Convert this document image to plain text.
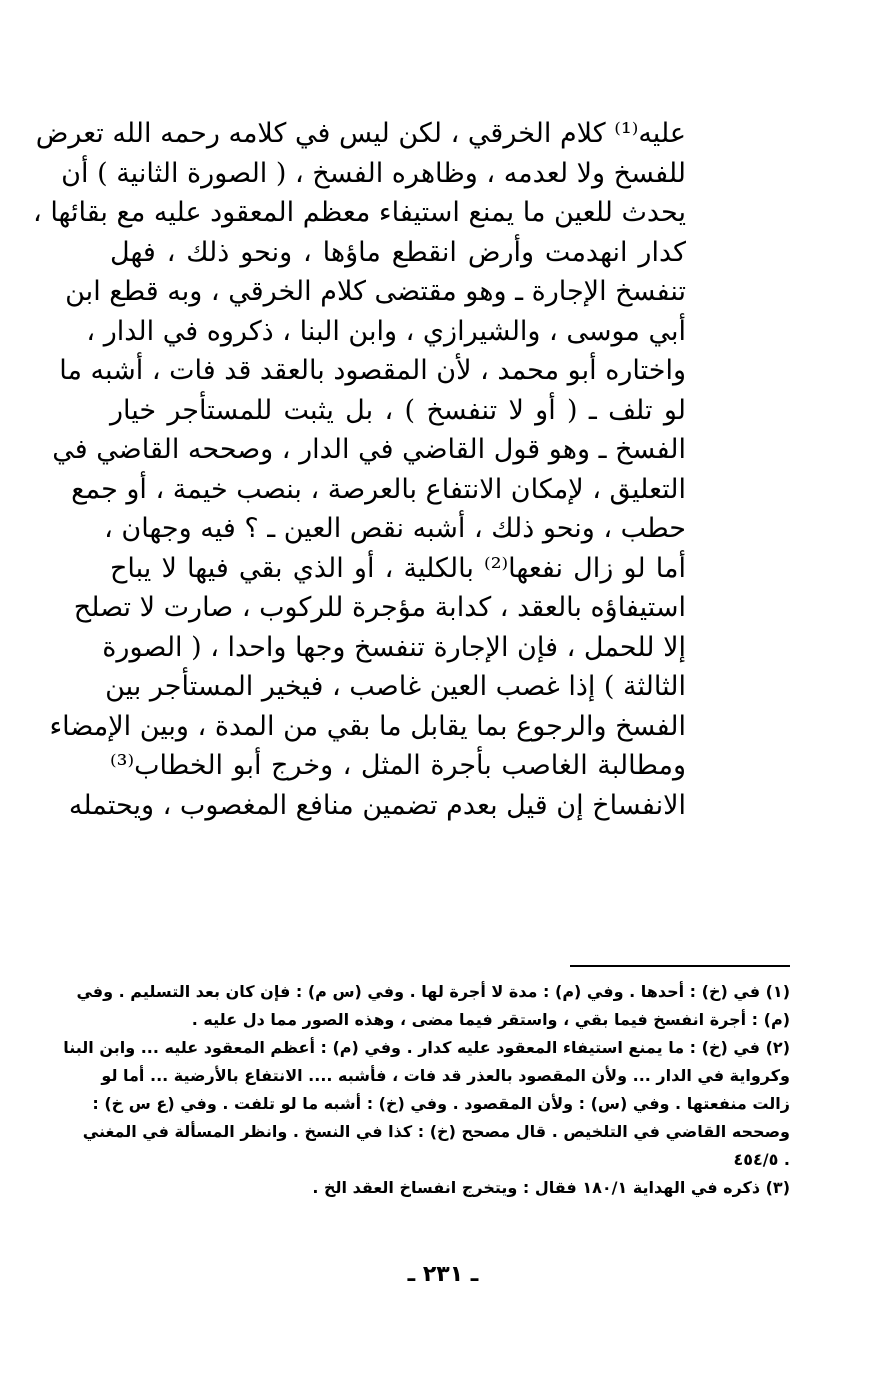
عليه⁽¹⁾ كلام الخرقي ، لكن ليس في كلامه رحمه الله تعرض
للفسخ ولا لعدمه ، وظاهره الفسخ ، ( الصورة الثانية ) أن
يحدث للعين ما يمنع استيفاء معظم المعقود عليه مع بقائها ،
كدار انهدمت وأرض انقطع ماؤها ، ونحو ذلك ، فهل
تنفسخ الإجارة ـ وهو مقتضى كلام الخرقي ، وبه قطع ابن
أبي موسى ، والشيرازي ، وابن البنا ، ذكروه في الدار ،
واختاره أبو محمد ، لأن المقصود بالعقد قد فات ، أشبه ما
لو تلف ـ ( أو لا تنفسخ ) ، بل يثبت للمستأجر خيار
الفسخ ـ وهو قول القاضي في الدار ، وصححه القاضي في
التعليق ، لإمكان الانتفاع بالعرصة ، بنصب خيمة ، أو جمع
حطب ، ونحو ذلك ، أشبه نقص العين ـ ؟ فيه وجهان ،
أما لو زال نفعها⁽²⁾ بالكلية ، أو الذي بقي فيها لا يباح
استيفاؤه بالعقد ، كدابة مؤجرة للركوب ، صارت لا تصلح
إلا للحمل ، فإن الإجارة تنفسخ وجها واحدا ، ( الصورة
الثالثة ) إذا غصب العين غاصب ، فيخير المستأجر بين
الفسخ والرجوع بما يقابل ما بقي من المدة ، وبين الإمضاء
ومطالبة الغاصب بأجرة المثل ، وخرج أبو الخطاب⁽³⁾
الانفساخ إن قيل بعدم تضمين منافع المغصوب ، ويحتمله
(١) في (خ) : أحدها . وفي (م) : مدة لا أجرة لها . وفي (س م) : فإن كان بعد التسليم . وفي
(م) : أجرة انفسخ فيما بقي ، واستقر فيما مضى ، وهذه الصور مما دل عليه .
(٢) في (خ) : ما يمنع استيفاء المعقود عليه كدار . وفي (م) : أعظم المعقود عليه ... وابن البنا
وكرواية في الدار ... ولأن المقصود بالعذر قد فات ، فأشبه .... الانتفاع بالأرضية ... أما لو
زالت منفعتها . وفي (س) : ولأن المقصود . وفي (خ) : أشبه ما لو تلفت . وفي (ع س خ) :
وصححه القاضي في التلخيص . قال مصحح (خ) : كذا في النسخ . وانظر المسألة في المغني
. ٤٥٤/٥
(٣) ذكره في الهداية ١٨٠/١ فقال : ويتخرج انفساخ العقد الخ .
ـ ٢٣١ ـ
